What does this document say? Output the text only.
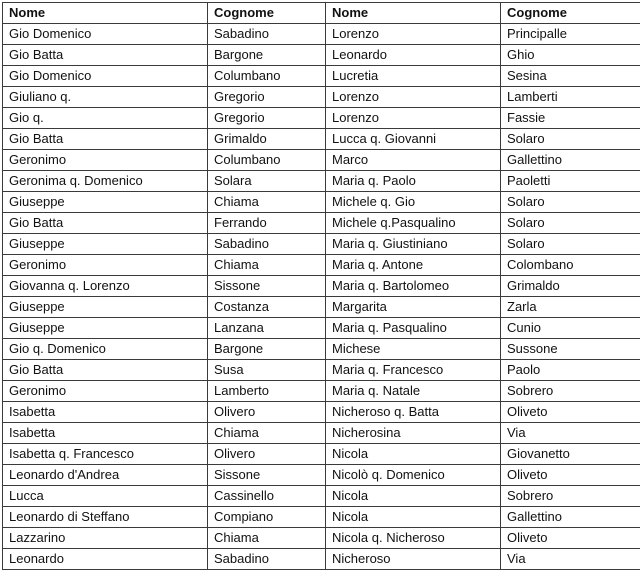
Nome	Cognome	Nome	Cognome
Gio Domenico	Sabadino	Lorenzo	Principalle
Gio Batta	Bargone	Leonardo	Ghio
Gio Domenico	Columbano	Lucretia	Sesina
Giuliano q.	Gregorio	Lorenzo	Lamberti
Gio q.	Gregorio	Lorenzo	Fassie
Gio Batta	Grimaldo	Lucca q. Giovanni	Solaro
Geronimo	Columbano	Marco	Gallettino
Geronima q. Domenico	Solara	Maria q. Paolo	Paoletti
Giuseppe	Chiama	Michele q. Gio	Solaro
Gio Batta	Ferrando	Michele q.Pasqualino	Solaro
Giuseppe	Sabadino	Maria q. Giustiniano	Solaro
Geronimo	Chiama	Maria q. Antone	Colombano
Giovanna q. Lorenzo	Sissone	Maria q. Bartolomeo	Grimaldo
Giuseppe	Costanza	Margarita	Zarla
Giuseppe	Lanzana	Maria q. Pasqualino	Cunio
Gio q. Domenico	Bargone	Michese	Sussone
Gio Batta	Susa	Maria q. Francesco	Paolo
Geronimo	Lamberto	Maria q. Natale	Sobrero
Isabetta	Olivero	Nicheroso q. Batta	Oliveto
Isabetta	Chiama	Nicherosina	Via
Isabetta q. Francesco	Olivero	Nicola	Giovanetto
Leonardo d'Andrea	Sissone	Nicolò q. Domenico	Oliveto
Lucca	Cassinello	Nicola	Sobrero
Leonardo di Steffano	Compiano	Nicola	Gallettino
Lazzarino	Chiama	Nicola q. Nicheroso	Oliveto
Leonardo	Sabadino	Nicheroso	Via
